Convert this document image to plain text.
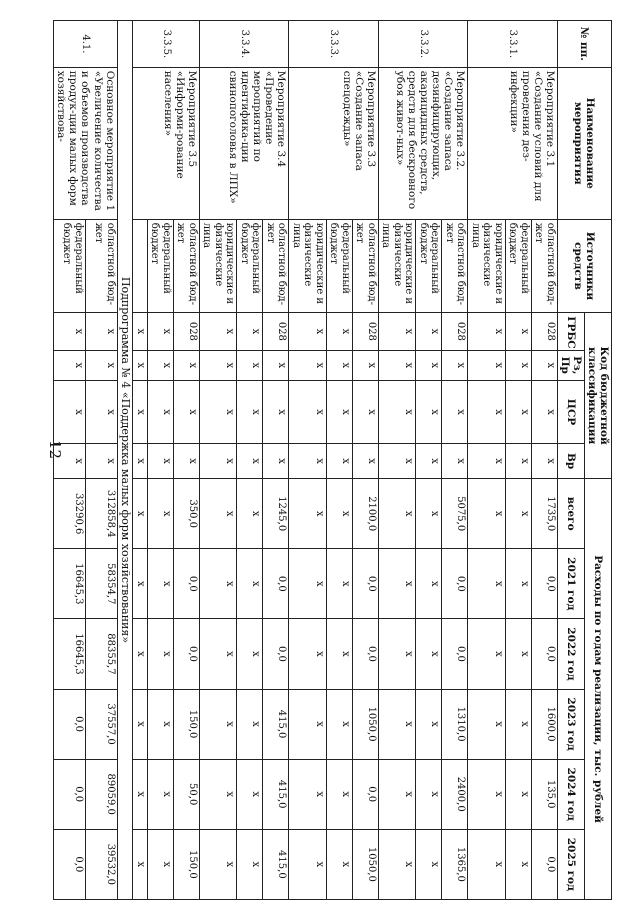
12
№ пп.	Наименование мероприятия	Источники средств	Код бюджетной классификации				Расходы по годам реализации, тыс. рублей					
			ГРБС	Рз, Пр	ЦСР	Вр	всего	2021 год	2022 год	2023 год	2024 год	2025 год
3.3.1.	Мероприятие 3.1 «Создание условий для проведения дез-инфекции»	областной бюд-жет	028	x	x	x	1735,0	0,0	0,0	1600,0	135,0	0,0
		федеральный бюджет	x	x	x	x	x	x	x	x	x	x
		юридические и физические лица	x	x	x	x	x	x	x	x	x	x
3.3.2.	Мероприятие 3.2. «Создание запаса дезинфицирующих, акарицидных средств, средств для бескровного убоя живот-ных»	областной бюд-жет	028	x	x	x	5075,0	0,0	0,0	1310,0	2400,0	1365,0
		федеральный бюджет	x	x	x	x	x	x	x	x	x	x
		юридические и физические лица	x	x	x	x	x	x	x	x	x	x
3.3.3.	Мероприятие 3.3 «Создание запаса спецодежды»	областной бюд-жет	028	x	x	x	2100,0	0,0	0,0	1050,0	0,0	1050,0
		федеральный бюджет	x	x	x	x	x	x	x	x	x	x
		юридические и физические лица	x	x	x	x	x	x	x	x	x	x
3.3.4.	Мероприятие 3.4 «Проведение мероприятий по идентифика-ции свинопоголовья в ЛПХ»	областной бюд-жет	028	x	x	x	1245,0	0,0	0,0	415,0	415,0	415,0
		федеральный бюджет	x	x	x	x	x	x	x	x	x	x
		юридические и физические лица	x	x	x	x	x	x	x	x	x	x
3.3.5.	Мероприятие 3.5 «Информи-рование населения»	областной бюд-жет	028	x	x	x	350,0	0,0	0,0	150,0	50,0	150,0
		федеральный бюджет	x	x	x	x	x	x	x	x	x	x
			x	x	x	x	x	x	x	x	x	x
Подпрограмма № 4 «Поддержка малых форм хозяйствования»												
4.1.	Основное мероприятие 1 «Увеличение количества и объемов производства продук-ции малых форм хозяйствова-	областной бюд-жет	x	x	x	x	312858,4	58354,7	88355,7	37557,0	89059,0	39532,0
		федеральный бюджет	x	x	x	x	33290,6	16645,3	16645,3	0,0	0,0	0,0
